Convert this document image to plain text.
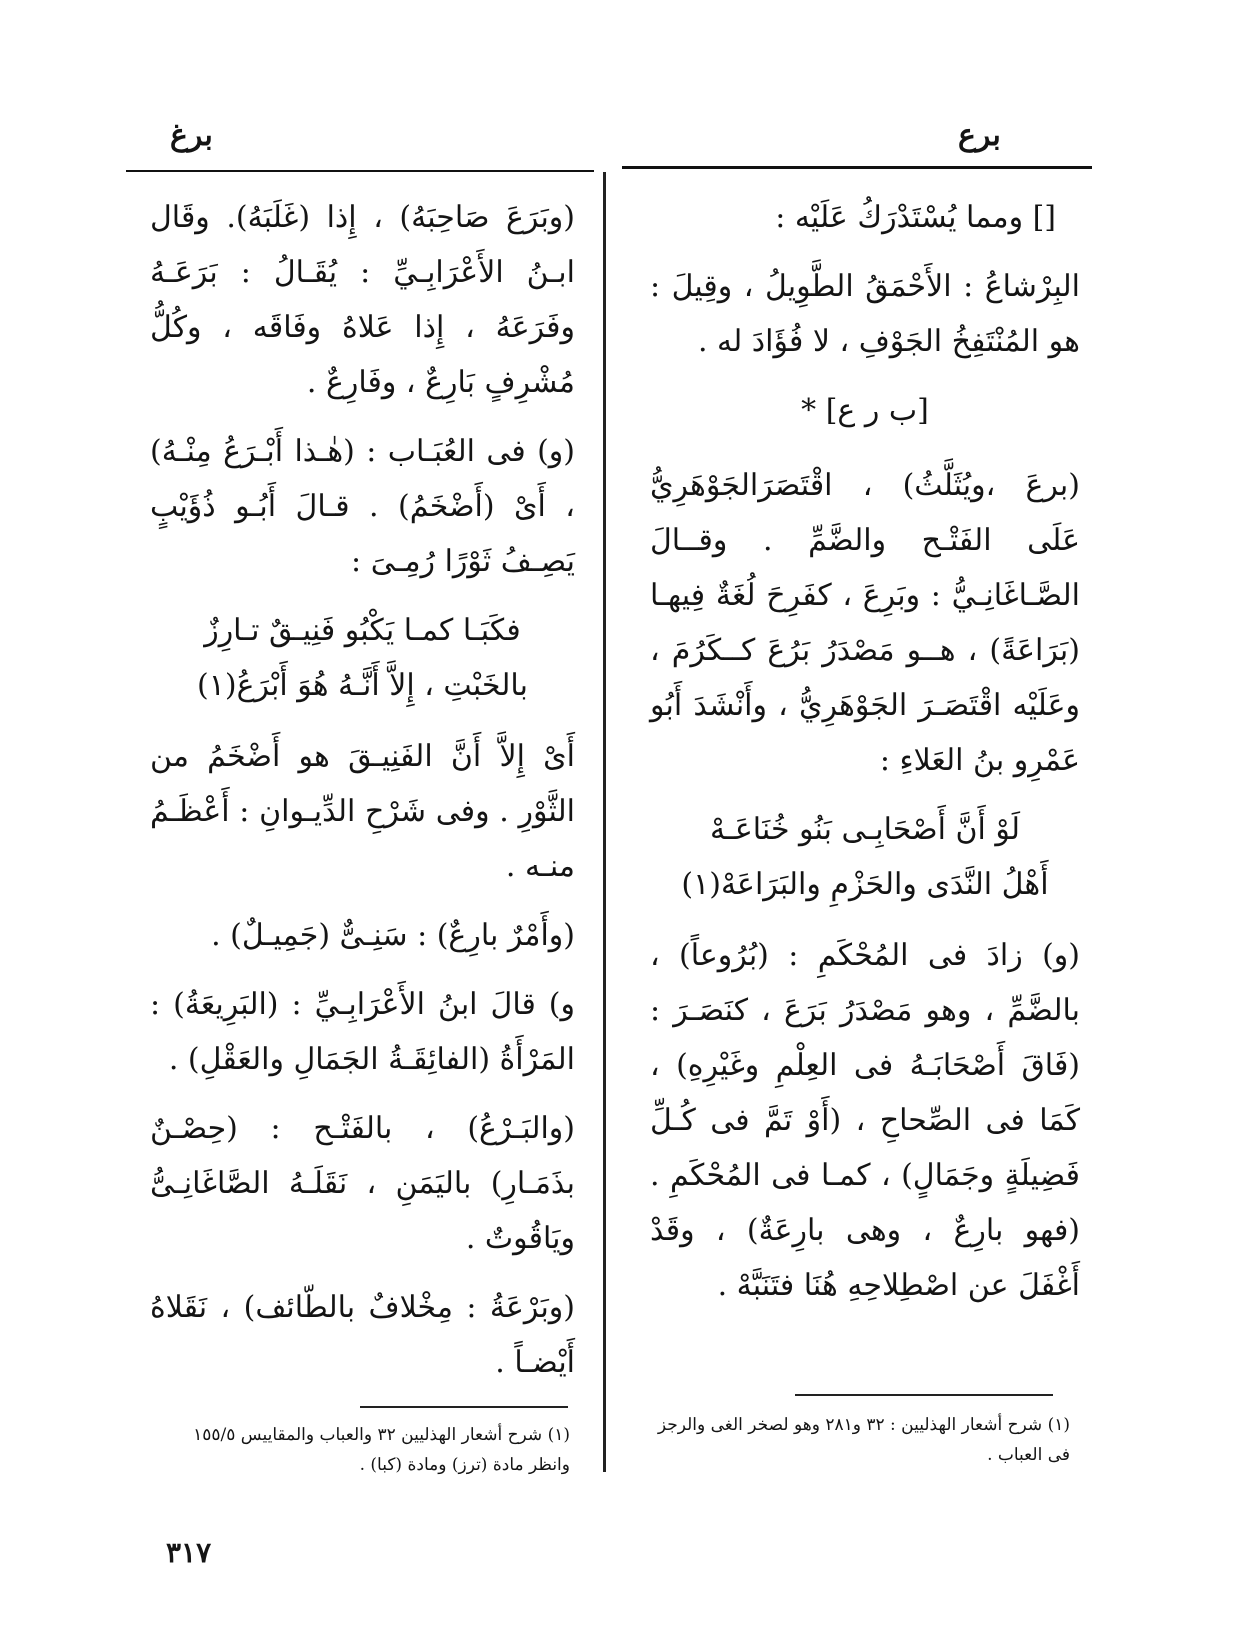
برع
برغ

[] ومما يُسْتَدْرَكُ عَلَيْه :

البِرْشاعُ : الأَحْمَقُ الطَّوِيلُ ، وقِيلَ : هو المُنْتَفِخُ الجَوْفِ ، لا فُؤَادَ له .

[ب ر ع] *

(برعَ ،ويُثَلَّثُ) ، اقْتَصَرَالجَوْهَرِيُّ عَلَى الفَتْـح والضَّمِّ . وقــالَ الصَّـاغَانِـيُّ : وبَرِعَ ، كفَرِحَ لُغَةٌ فِيهـا (بَرَاعَةً) ، هــو مَصْدَرُ بَرُعَ كــكَرُمَ ، وعَلَيْه اقْتَصَـرَ الجَوْهَرِيُّ ، وأَنْشَدَ أَبُو عَمْرِو بنُ العَلاءِ :

لَوْ أَنَّ أَصْحَابِـى بَنُو خُنَاعَـهْ
أَهْلُ النَّدَى والحَزْمِ والبَرَاعَهْ(١)

(و) زادَ فى المُحْكَمِ : (بُرُوعاً) ، بالضَّمِّ ، وهو مَصْدَرُ بَرَعَ ، كنَصَـرَ : (فَاقَ أَصْحَابَـهُ فى العِلْمِ وغَيْرِهِ) ، كَمَا فى الصِّحاحِ ، (أَوْ تَمَّ فى كُـلِّ فَضِيلَةٍ وجَمَالٍ) ، كمـا فى المُحْكَمِ . (فهو بارِعٌ ، وهى بارِعَةٌ) ، وقَدْ أَغْفَلَ عن اصْطِلاحِهِ هُنَا فتَنَبَّهْ .

(وبَرَعَ صَاحِبَهُ) ، إِذا (غَلَبَهُ). وقَال ابـنُ الأَعْرَابِـيِّ : يُقَـالُ : بَرَعَـهُ وفَرَعَهُ ، إِذا عَلاهُ وفَاقَه ، وكُلُّ مُشْرِفٍ بَارِعٌ ، وفَارِعٌ .

(و) فى العُبَـاب : (هٰـذا أَبْـرَعُ مِنْـهُ) ، أَىْ (أَضْخَمُ) . قـالَ أَبُـو ذُؤَيْبٍ يَصِـفُ ثَوْرًا رُمِـىَ :

فكَبَـا كمـا يَكْبُو فَنِيـقٌ تـارِزٌ
بالخَبْتِ ، إِلاَّ أَنَّـهُ هُوَ أَبْرَعُ(١)

أَىْ إِلاَّ أَنَّ الفَنِيـقَ هو أَضْخَمُ من الثَّوْرِ . وفى شَرْحِ الدِّيـوانِ : أَعْظَـمُ منـه .

(وأَمْرٌ بارِعٌ) : سَنِـىٌّ (جَمِيـلٌ) .

و) قالَ ابنُ الأَعْرَابِـيِّ : (البَرِيعَةُ) : المَرْأَةُ (الفائِقَـةُ الجَمَالِ والعَقْلِ) .

(والبَـرْعُ) ، بالفَتْـح : (حِصْـنٌ بذَمَـارِ) باليَمَنِ ، نَقَلَـهُ الصَّاغَانِـىُّ ويَاقُوتٌ .

(وبَرْعَةُ : مِخْلافٌ بالطّائف) ، نَقَلاهُ أَيْضـاً .

(١) شرح أشعار الهذليين : ٣٢ و٢٨١ وهو لصخر الغى والرجز فى العباب .
(١) شرح أشعار الهذليين ٣٢ والعباب والمقاييس ١٥٥/٥ وانظر مادة (ترز) ومادة (كبا) .
٣١٧
